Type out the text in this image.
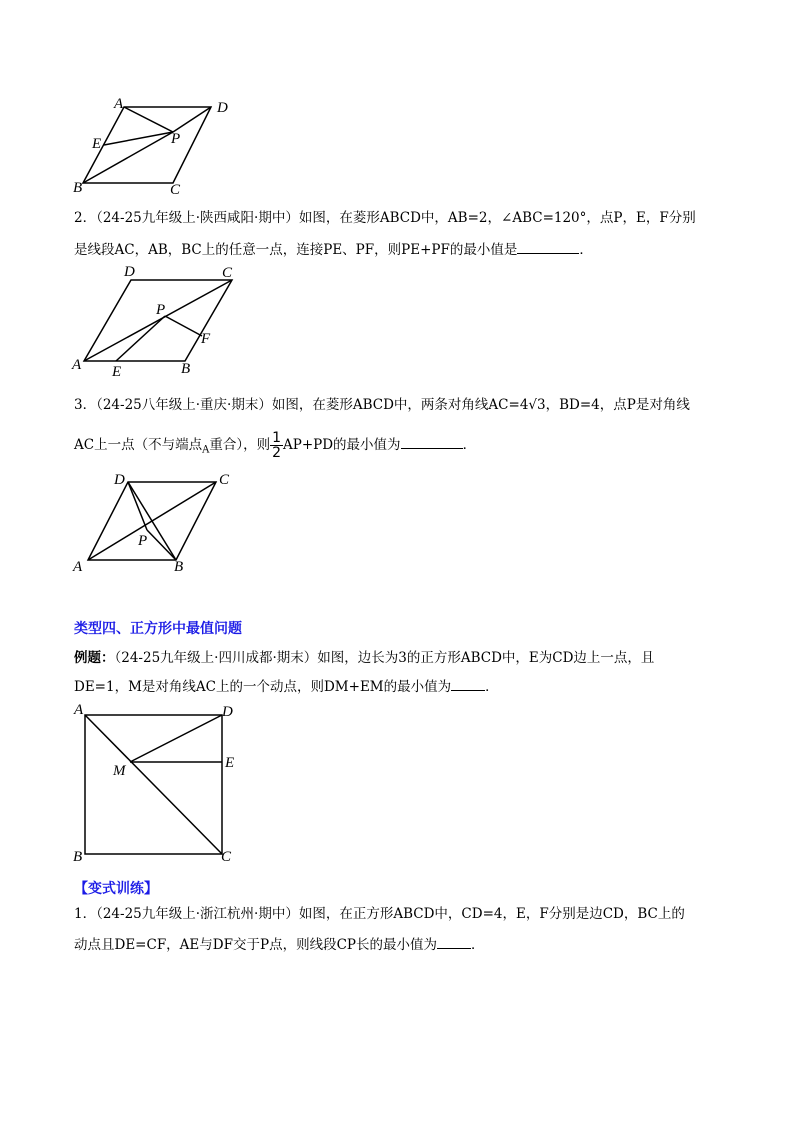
A	D
E	P
B	C
2．（24-25九年级上·陕西咸阳·期中）如图，在菱形ABCD中，AB=2，∠ABC=120°，点P，E，F分别
是线段AC，AB，BC上的任意一点，连接PE、PF，则PE+PF的最小值是	．
D	C
P
F
A E	B
3．（24-25八年级上·重庆·期末）如图，在菱形ABCD中，两条对角线AC=4√3，BD=4，点P是对角线
AC上一点（不与端点$_A$重合），则 $\frac{1}{2} AP+PD$的最小值为	．
D	C
P
A	B
类型四、正方形中最值问题
例题：（24-25九年级上·四川成都·期末）如图，边长为3的正方形ABCD中，E为CD边上一点，且
DE=1，M是对角线AC上的一个动点，则DM+EM的最小值为	．
A	D
M	E
B	C
【变式训练】
1．（24-25九年级上·浙江杭州·期中）如图，在正方形ABCD中，CD=4，E，F分别是边CD，BC上的
动点且DE=CF，AE与DF交于P点，则线段CP长的最小值为	．
